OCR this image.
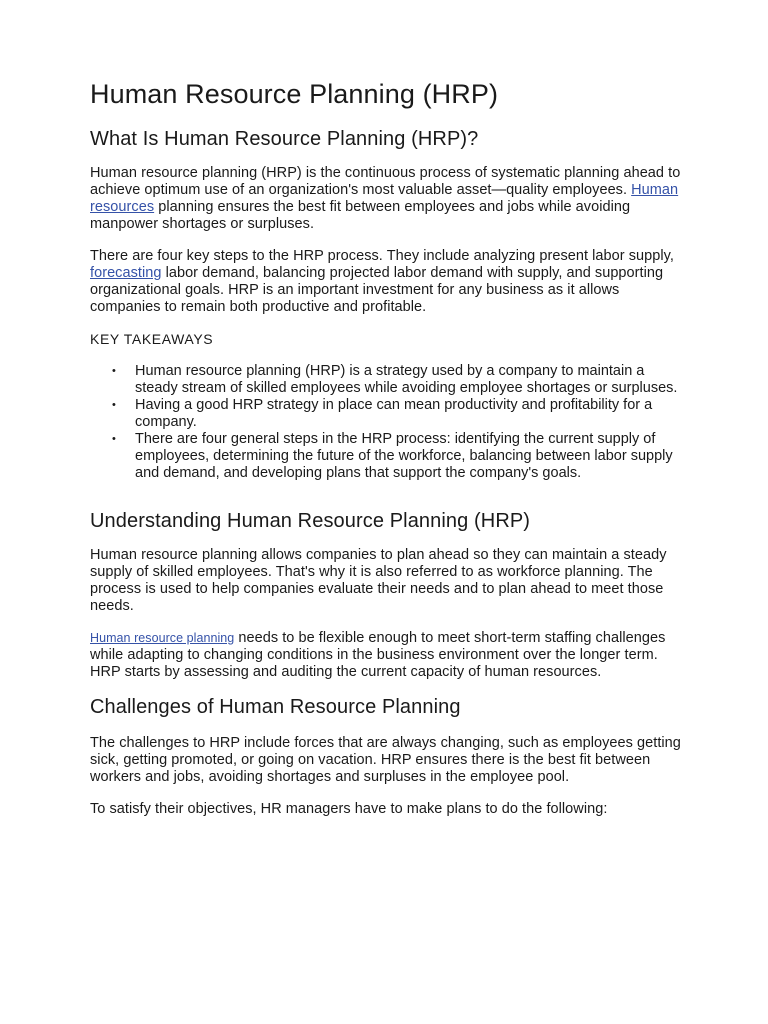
Human Resource Planning (HRP)
What Is Human Resource Planning (HRP)?

Human resource planning (HRP) is the continuous process of systematic planning ahead to achieve optimum use of an organization's most valuable asset—quality employees. Human resources planning ensures the best fit between employees and jobs while avoiding manpower shortages or surpluses.

There are four key steps to the HRP process. They include analyzing present labor supply, forecasting labor demand, balancing projected labor demand with supply, and supporting organizational goals. HRP is an important investment for any business as it allows companies to remain both productive and profitable.

KEY TAKEAWAYS
• Human resource planning (HRP) is a strategy used by a company to maintain a steady stream of skilled employees while avoiding employee shortages or surpluses.
• Having a good HRP strategy in place can mean productivity and profitability for a company.
• There are four general steps in the HRP process: identifying the current supply of employees, determining the future of the workforce, balancing between labor supply and demand, and developing plans that support the company's goals.
Understanding Human Resource Planning (HRP)

Human resource planning allows companies to plan ahead so they can maintain a steady supply of skilled employees. That's why it is also referred to as workforce planning. The process is used to help companies evaluate their needs and to plan ahead to meet those needs.

Human resource planning needs to be flexible enough to meet short-term staffing challenges while adapting to changing conditions in the business environment over the longer term. HRP starts by assessing and auditing the current capacity of human resources.

Challenges of Human Resource Planning

The challenges to HRP include forces that are always changing, such as employees getting sick, getting promoted, or going on vacation. HRP ensures there is the best fit between workers and jobs, avoiding shortages and surpluses in the employee pool.

To satisfy their objectives, HR managers have to make plans to do the following:
